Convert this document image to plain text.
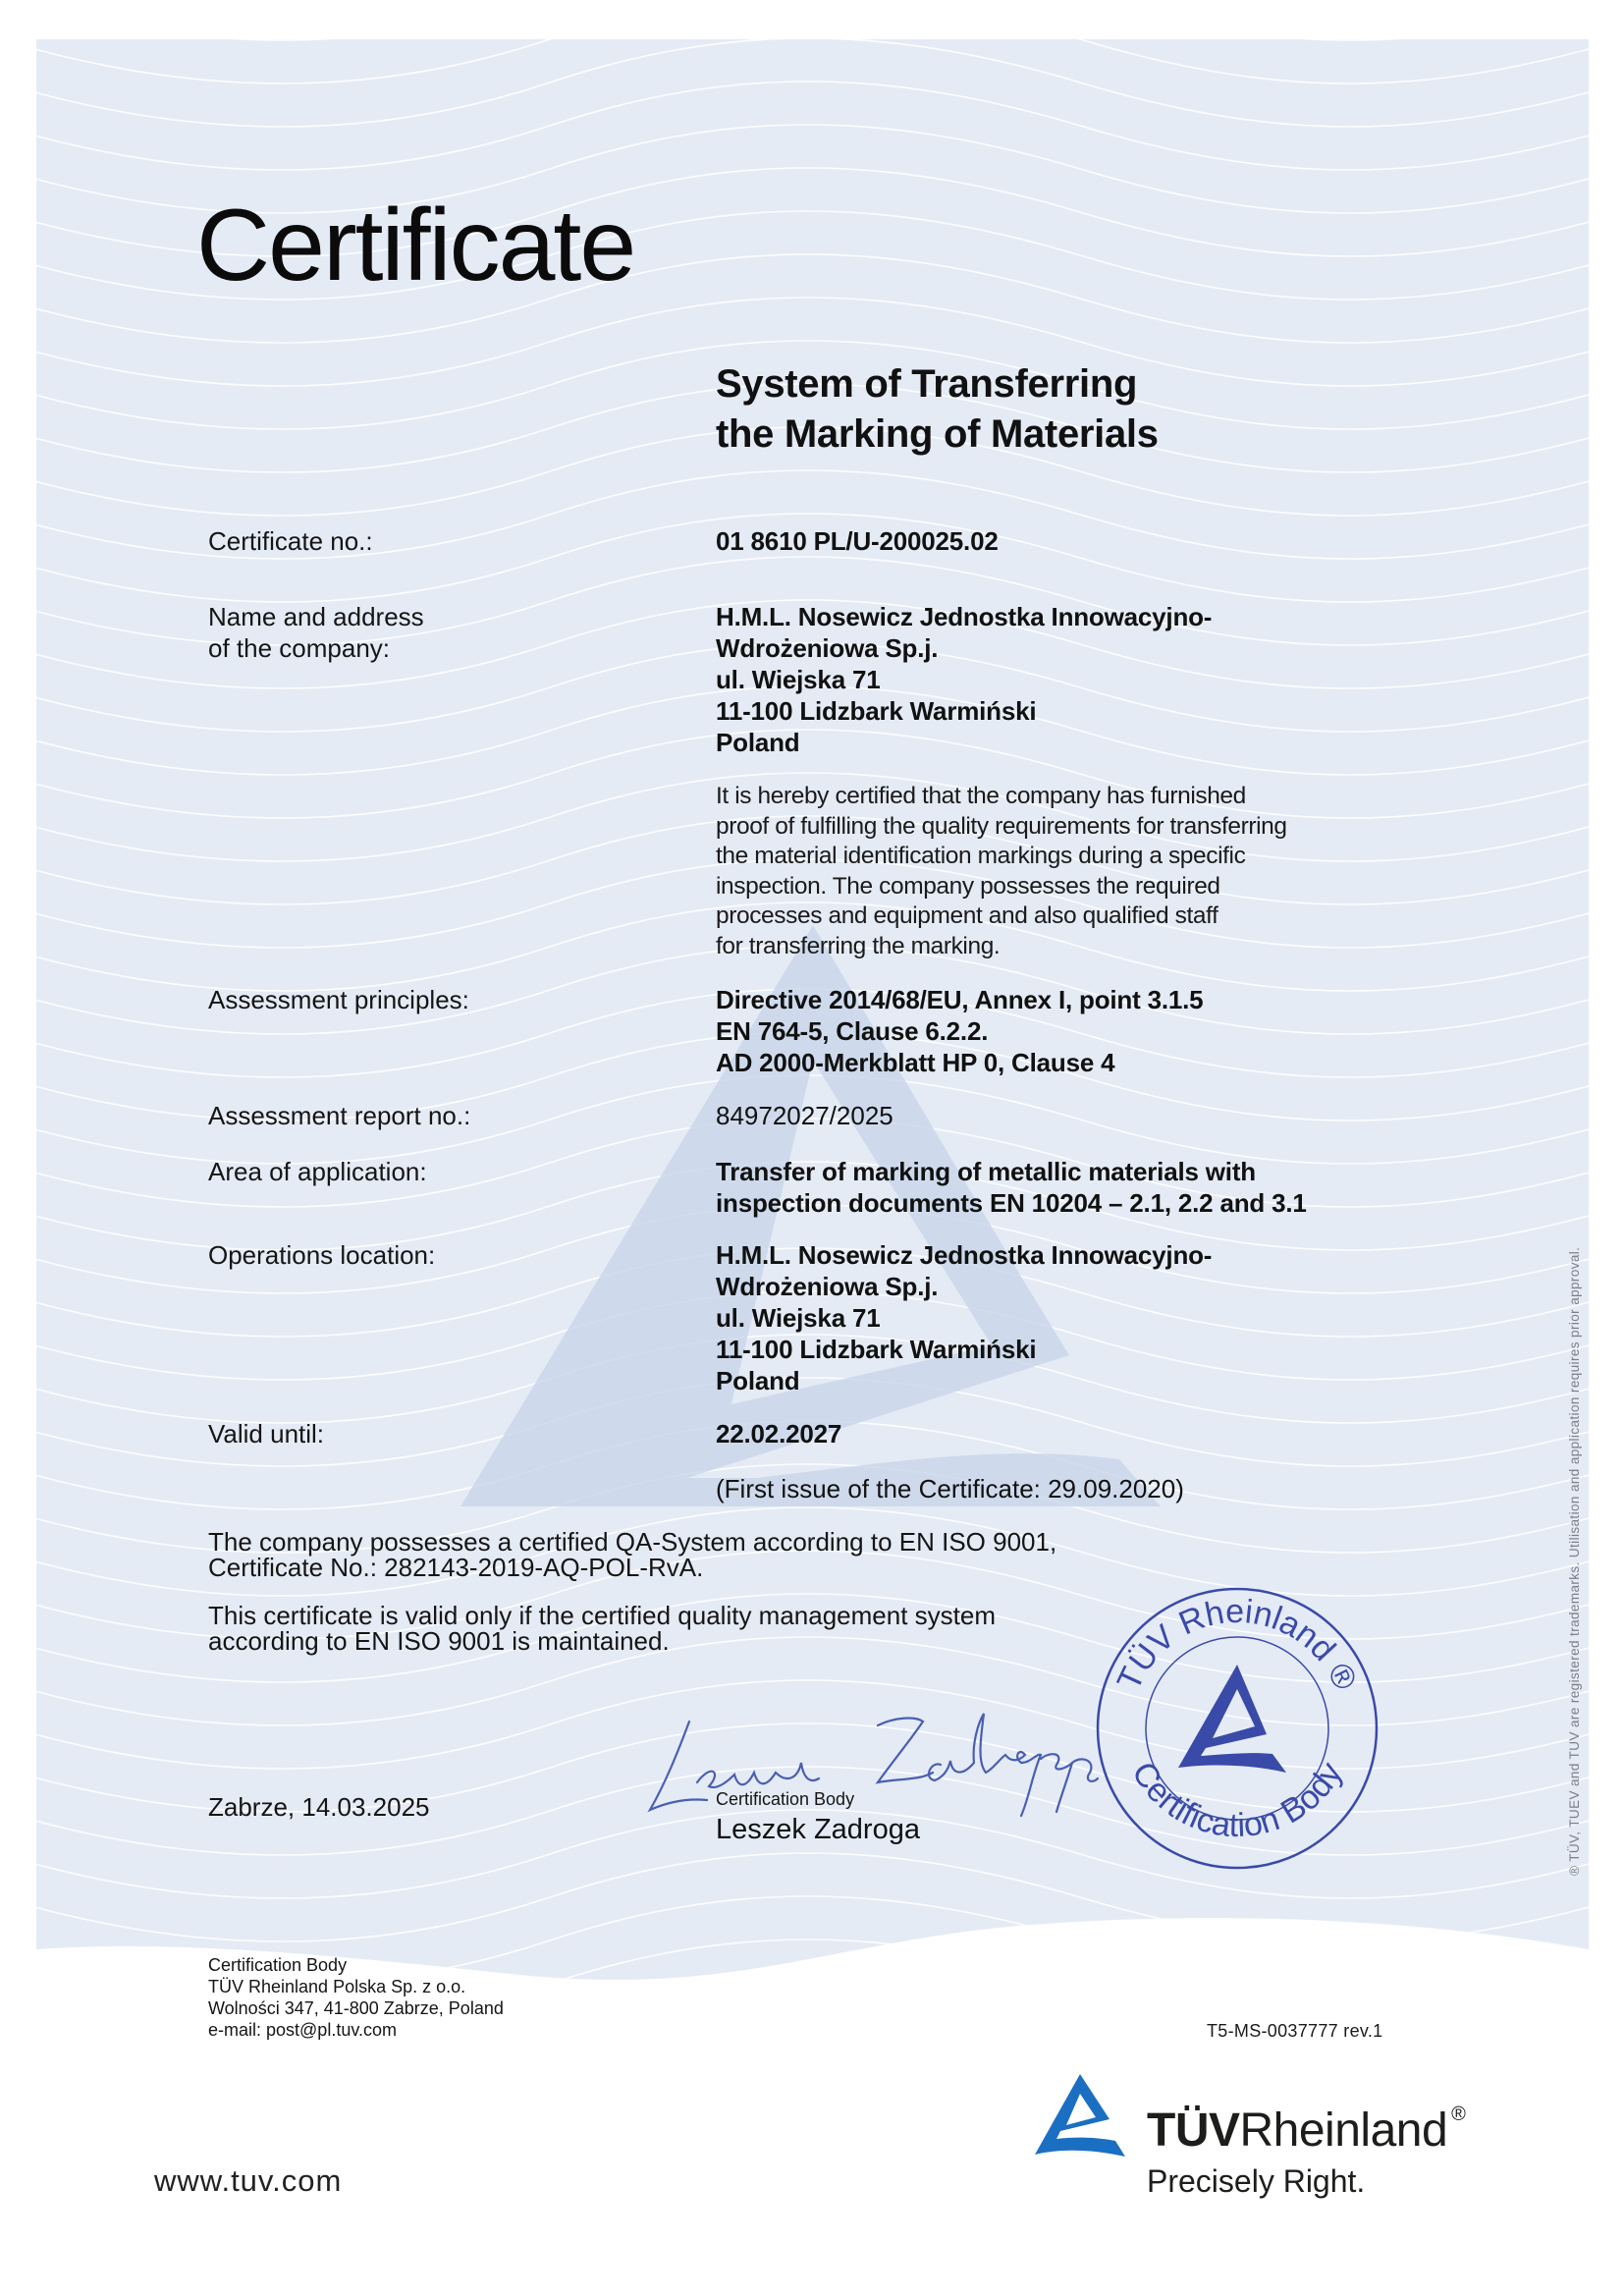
Certificate
System of Transferring
the Marking of Materials
Certificate no.:	01 8610 PL/U-200025.02
Name and address
of the company:
H.M.L. Nosewicz Jednostka Innowacyjno-
Wdrożeniowa Sp.j.
ul. Wiejska 71
11-100 Lidzbark Warmiński
Poland
It is hereby certified that the company has furnished
proof of fulfilling the quality requirements for transferring
the material identification markings during a specific
inspection. The company possesses the required
processes and equipment and also qualified staff
for transferring the marking.
Assessment principles:	Directive 2014/68/EU, Annex I, point 3.1.5
EN 764-5, Clause 6.2.2.
AD 2000-Merkblatt HP 0, Clause 4
Assessment report no.:	84972027/2025
Area of application:	Transfer of marking of metallic materials with
inspection documents EN 10204 – 2.1, 2.2 and 3.1
Operations location:	H.M.L. Nosewicz Jednostka Innowacyjno-
Wdrożeniowa Sp.j.
ul. Wiejska 71
11-100 Lidzbark Warmiński
Poland
Valid until:	22.02.2027
(First issue of the Certificate: 29.09.2020)
The company possesses a certified QA-System according to EN ISO 9001,
Certificate No.: 282143-2019-AQ-POL-RvA.
This certificate is valid only if the certified quality management system
according to EN ISO 9001 is maintained.
Zabrze, 14.03.2025	Certification Body
Leszek Zadroga
TÜV Rheinland ®
Certification Body	® TÜV, TUEV and TUV are registered trademarks. Utilisation and application requires prior approval.
Certification Body
TÜV Rheinland Polska Sp. z o.o.
Wolności 347, 41-800 Zabrze, Poland
e-mail: post@pl.tuv.com	T5-MS-0037777 rev.1
www.tuv.com
TÜVRheinland ®
Precisely Right.
